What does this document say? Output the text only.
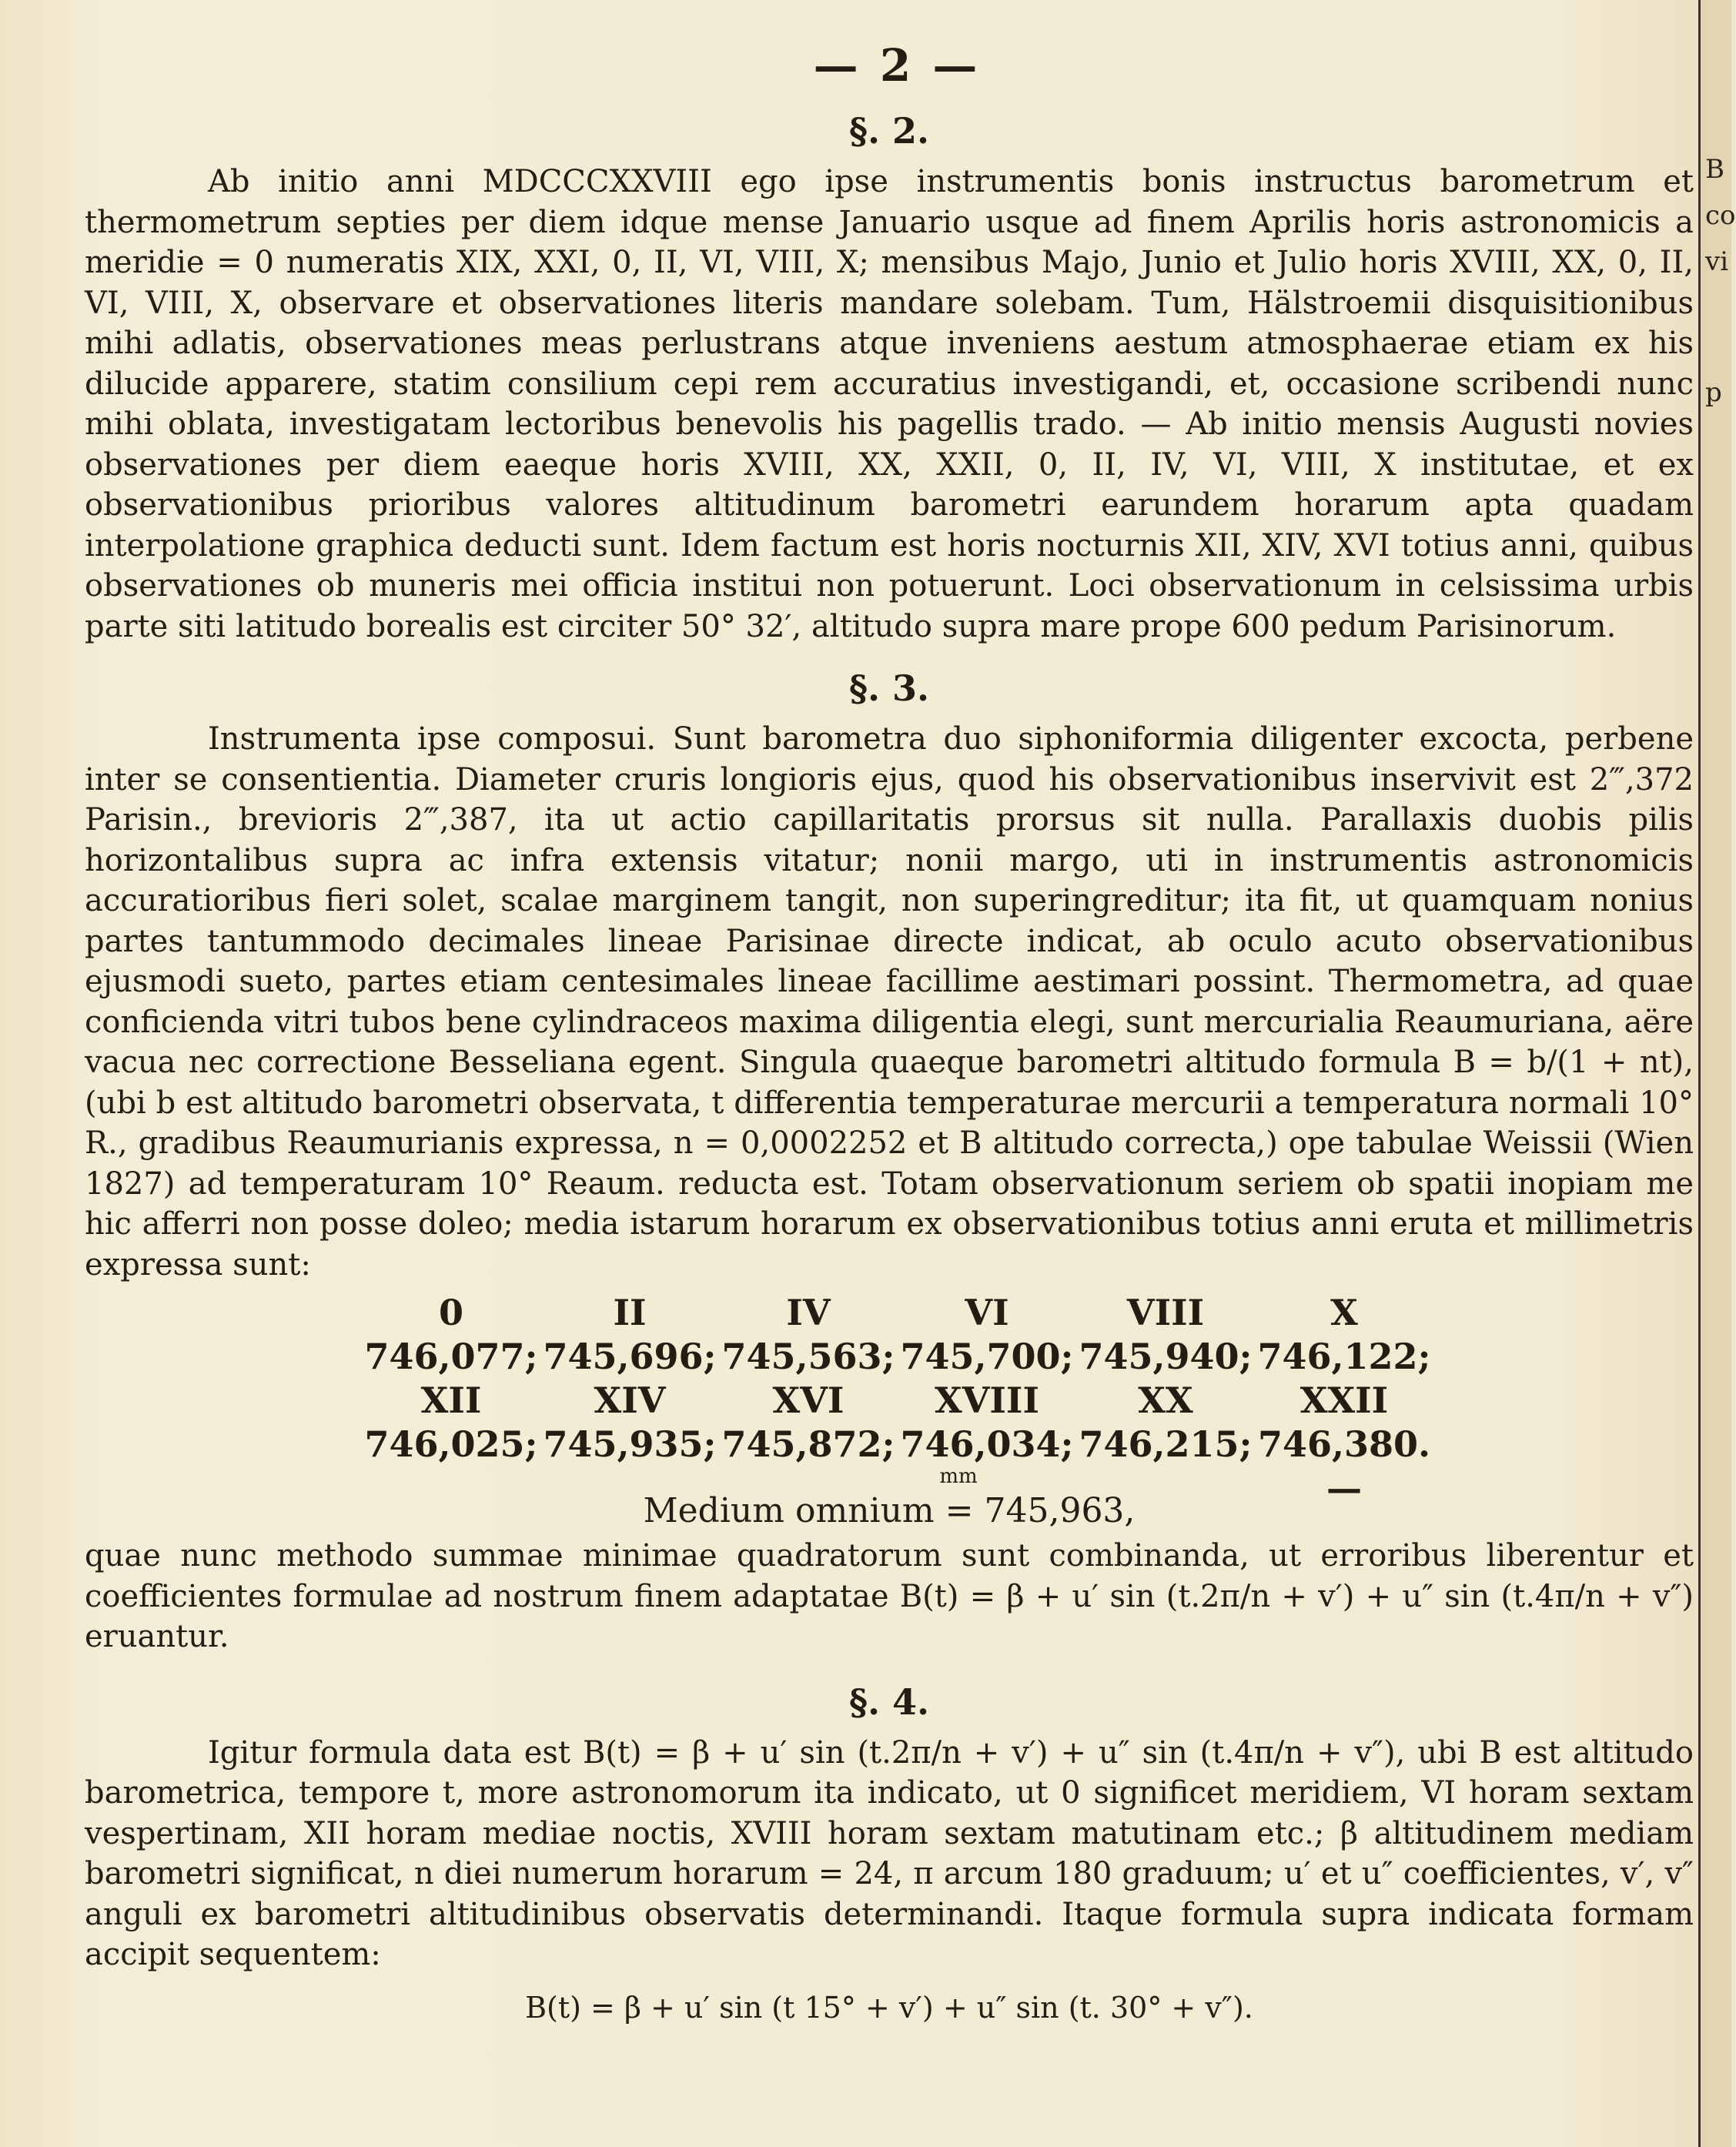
B
co
vi
p
— 2 —
§. 2.

Ab initio anni MDCCCXXVIII ego ipse instrumentis bonis instructus barometrum et thermometrum septies per diem idque mense Januario usque ad finem Aprilis horis astronomicis a meridie = 0 numeratis XIX, XXI, 0, II, VI, VIII, X; mensibus Majo, Junio et Julio horis XVIII, XX, 0, II, VI, VIII, X, observare et observationes literis mandare solebam. Tum, Hälstroemii disquisitionibus mihi adlatis, observationes meas perlustrans atque inveniens aestum atmosphaerae etiam ex his dilucide apparere, statim consilium cepi rem accuratius investigandi, et, occasione scribendi nunc mihi oblata, investigatam lectoribus benevolis his pagellis trado. — Ab initio mensis Augusti novies observationes per diem eaeque horis XVIII, XX, XXII, 0, II, IV, VI, VIII, X institutae, et ex observationibus prioribus valores altitudinum barometri earundem horarum apta quadam interpolatione graphica deducti sunt. Idem factum est horis nocturnis XII, XIV, XVI totius anni, quibus observationes ob muneris mei officia institui non potuerunt. Loci observationum in celsissima urbis parte siti latitudo borealis est circiter 50° 32′, altitudo supra mare prope 600 pedum Parisinorum.

§. 3.

Instrumenta ipse composui. Sunt barometra duo siphoniformia diligenter excocta, perbene inter se consentientia. Diameter cruris longioris ejus, quod his observationibus inservivit est 2‴,372 Parisin., brevioris 2‴,387, ita ut actio capillaritatis prorsus sit nulla. Parallaxis duobis pilis horizontalibus supra ac infra extensis vitatur; nonii margo, uti in instrumentis astronomicis accuratioribus fieri solet, scalae marginem tangit, non superingreditur; ita fit, ut quamquam nonius partes tantummodo decimales lineae Parisinae directe indicat, ab oculo acuto observationibus ejusmodi sueto, partes etiam centesimales lineae facillime aestimari possint. Thermometra, ad quae conficienda vitri tubos bene cylindraceos maxima diligentia elegi, sunt mercurialia Reaumuriana, aëre vacua nec correctione Besseliana egent. Singula quaeque barometri altitudo formula B = b/(1 + nt), (ubi b est altitudo barometri observata, t differentia temperaturae mercurii a temperatura normali 10° R., gradibus Reaumurianis expressa, n = 0,0002252 et B altitudo correcta,) ope tabulae Weissii (Wien 1827) ad temperaturam 10° Reaum. reducta est. Totam observationum seriem ob spatii inopiam me hic afferri non posse doleo; media istarum horarum ex observationibus totius anni eruta et millimetris expressa sunt:

0	II	IV	VI	VIII	X
746,077; 745,696; 745,563; 745,700; 745,940; 746,122;
XII	XIV	XVI	XVIII	XX	XXII
746,025; 745,935; 745,872; 746,034; 746,215; 746,380. —
mm
Medium omnium = 745,963,

quae nunc methodo summae minimae quadratorum sunt combinanda, ut erroribus liberentur et coefficientes formulae ad nostrum finem adaptatae B(t) = β + u′ sin (t.2π/n + v′) + u″ sin (t.4π/n + v″) eruantur.

§. 4.

Igitur formula data est B(t) = β + u′ sin (t.2π/n + v′) + u″ sin (t.4π/n + v″), ubi B est altitudo barometrica, tempore t, more astronomorum ita indicato, ut 0 significet meridiem, VI horam sextam vespertinam, XII horam mediae noctis, XVIII horam sextam matutinam etc.; β altitudinem mediam barometri significat, n diei numerum horarum = 24, π arcum 180 graduum; u′ et u″ coefficientes, v′, v″ anguli ex barometri altitudinibus observatis determinandi. Itaque formula supra indicata formam accipit sequentem:

B(t) = β + u′ sin (t 15° + v′) + u″ sin (t. 30° + v″).
